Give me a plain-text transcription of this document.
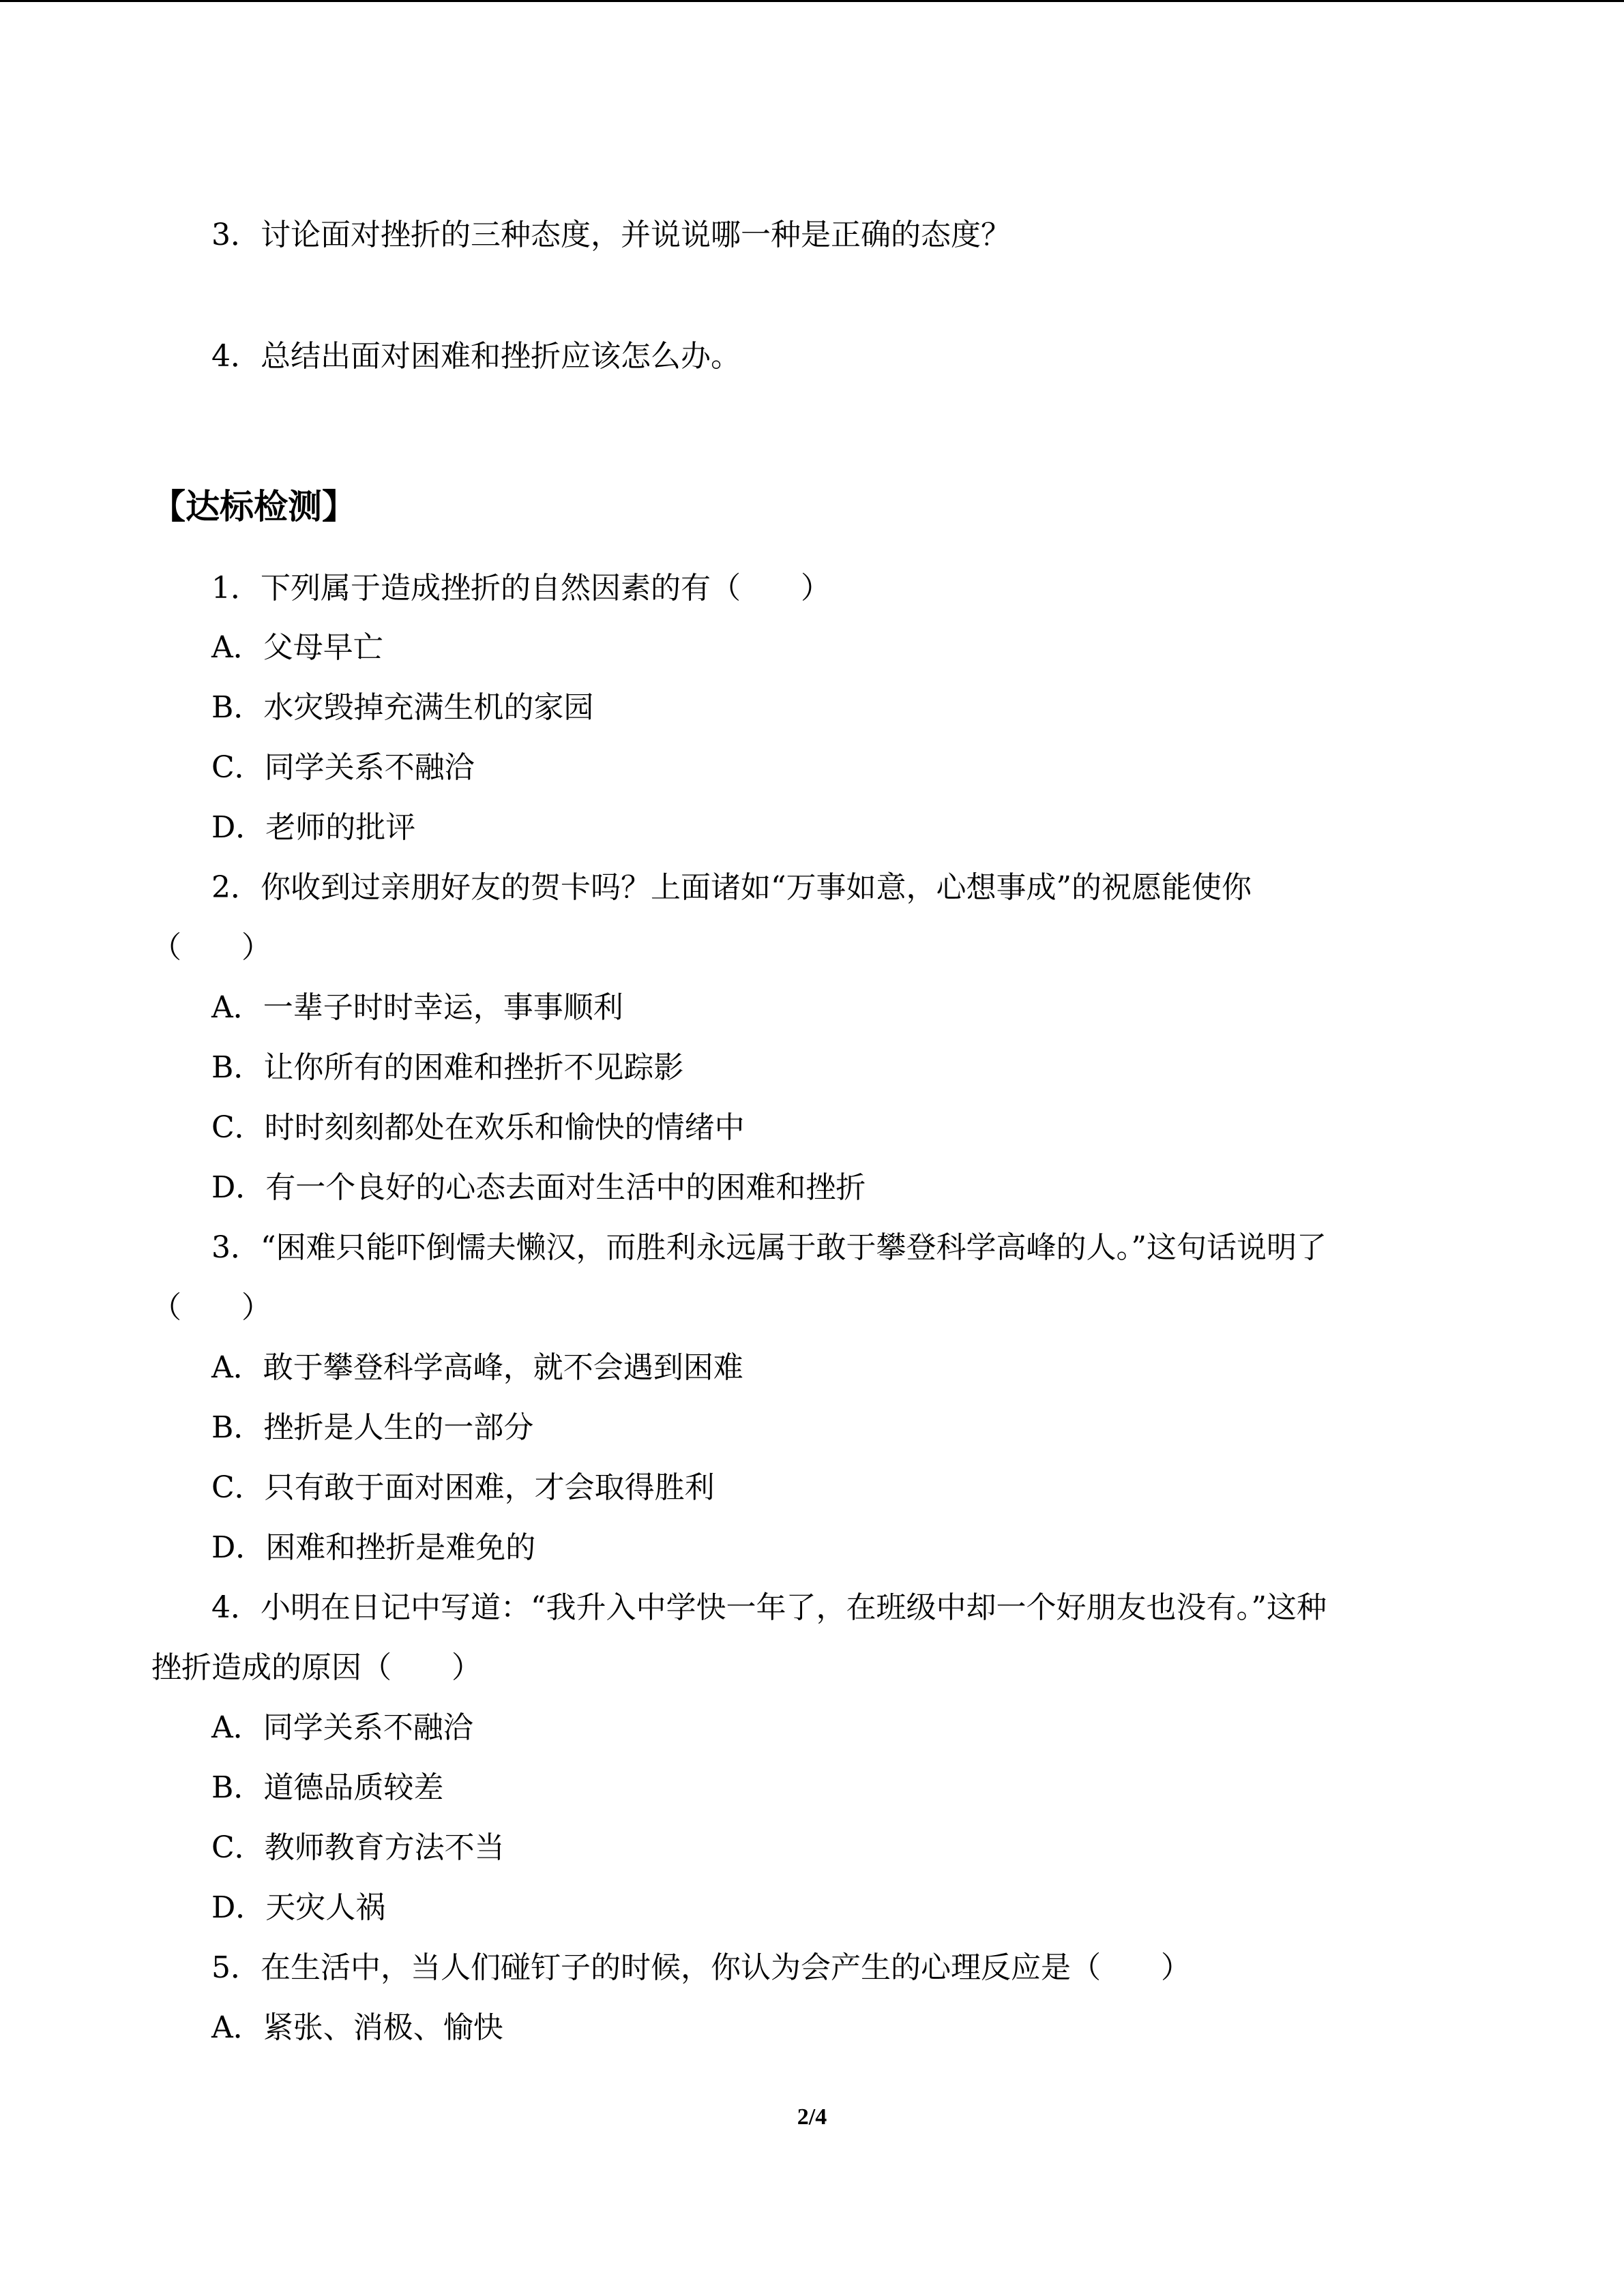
3．讨论面对挫折的三种态度，并说说哪一种是正确的态度？
4．总结出面对困难和挫折应该怎么办。
【达标检测】
1．下列属于造成挫折的自然因素的有（　　）
A．父母早亡
B．水灾毁掉充满生机的家园
C．同学关系不融洽
D．老师的批评
2．你收到过亲朋好友的贺卡吗？上面诸如“万事如意，心想事成”的祝愿能使你
（　　）
A．一辈子时时幸运，事事顺利
B．让你所有的困难和挫折不见踪影
C．时时刻刻都处在欢乐和愉快的情绪中
D．有一个良好的心态去面对生活中的困难和挫折
3．“困难只能吓倒懦夫懒汉，而胜利永远属于敢于攀登科学高峰的人。”这句话说明了
（　　）
A．敢于攀登科学高峰，就不会遇到困难
B．挫折是人生的一部分
C．只有敢于面对困难，才会取得胜利
D．困难和挫折是难免的
4．小明在日记中写道：“我升入中学快一年了，在班级中却一个好朋友也没有。”这种
挫折造成的原因（　　）
A．同学关系不融洽
B．道德品质较差
C．教师教育方法不当
D．天灾人祸
5．在生活中，当人们碰钉子的时候，你认为会产生的心理反应是（　　）
A．紧张、消极、愉快
2/4
